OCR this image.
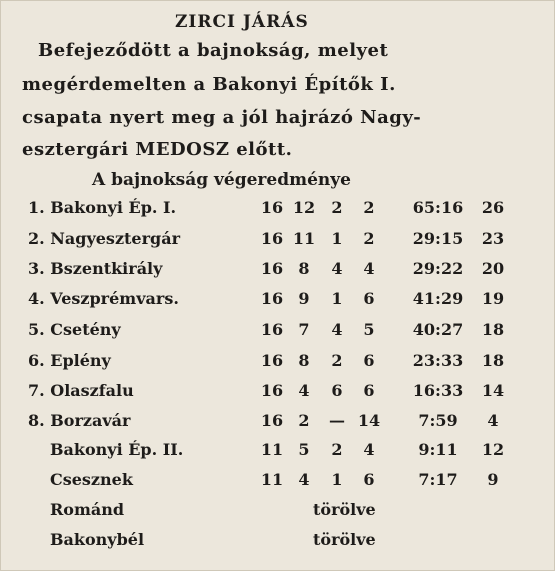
ZIRCI JÁRÁS
Befejeződött a bajnokság, melyet
megérdemelten a Bakonyi Építők I.
csapata nyert meg a jól hajrázó Nagy-
esztergári MEDOSZ előtt.
A bajnokság végeredménye
1. Bakonyi Ép. I.	16 12	2	2	65:16	26
2. Nagyesztergár	16 11	1	2	29:15	23
3. Bszentkirály	16 8	4	4	29:22	20
4. Veszprémvars.	16 9	1	6	41:29	19
5. Csetény	16 7	4	5	40:27	18
6. Eplény	16 8	2	6	23:33	18
7. Olaszfalu	16 4	6	6	16:33	14
8. Borzavár	16 2	— 14	7:59	4
Bakonyi Ép. II.	11 5	2	4	9:11	12
Csesznek	11 4	1	6	7:17	9
Románd	törölve
Bakonybél	törölve
